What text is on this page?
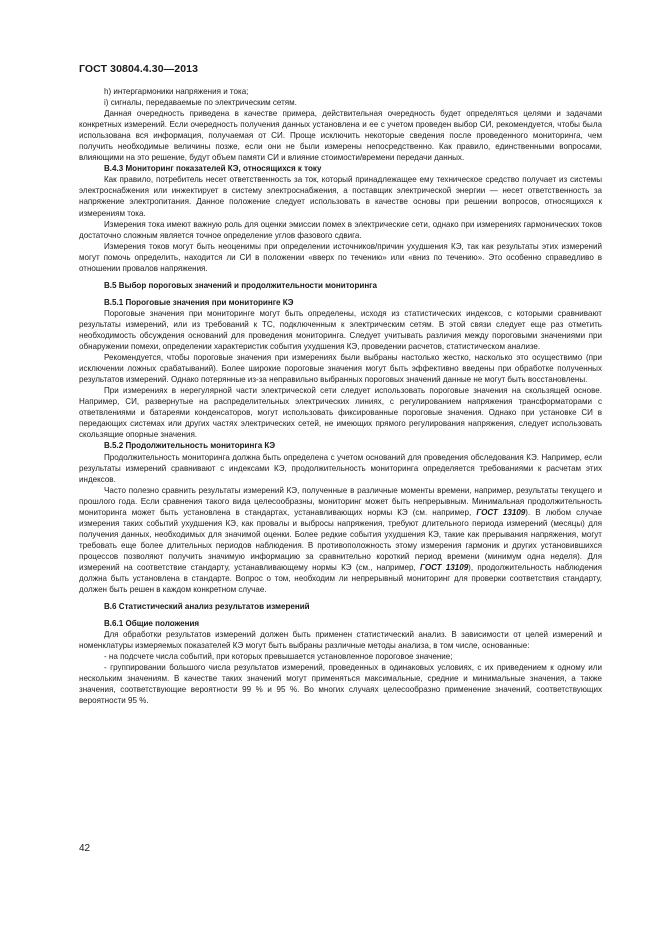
ГОСТ 30804.4.30—2013

h) интергармоники напряжения и тока;

i) сигналы, передаваемые по электрическим сетям.

Данная очередность приведена в качестве примера, действительная очередность будет определяться целями и задачами конкретных измерений. Если очередность получения данных установлена и ее с учетом проведен выбор СИ, рекомендуется, чтобы была использована вся информация, получаемая от СИ. Проще исключить некоторые сведения после проведенного мониторинга, чем получить необходимые величины позже, если они не были измерены непосредственно. Как правило, единственными вопросами, влияющими на это решение, будут объем памяти СИ и влияние стоимости/времени передачи данных.

В.4.3 Мониторинг показателей КЭ, относящихся к току

Как правило, потребитель несет ответственность за ток, который принадлежащее ему техническое средство получает из системы электроснабжения или инжектирует в систему электроснабжения, а поставщик электрической энергии — несет ответственность за напряжение электропитания. Данное положение следует использовать в качестве основы при решении вопросов, относящихся к измерениям тока.

Измерения тока имеют важную роль для оценки эмиссии помех в электрические сети, однако при измерениях гармонических токов достаточно сложным является точное определение углов фазового сдвига.

Измерения токов могут быть неоценимы при определении источников/причин ухудшения КЭ, так как результаты этих измерений могут помочь определить, находится ли СИ в положении «вверх по течению» или «вниз по течению». Это особенно справедливо в отношении провалов напряжения.

В.5 Выбор пороговых значений и продолжительности мониторинга

В.5.1 Пороговые значения при мониторинге КЭ

Пороговые значения при мониторинге могут быть определены, исходя из статистических индексов, с которыми сравнивают результаты измерений, или из требований к ТС, подключенным к электрическим сетям. В этой связи следует еще раз отметить необходимость обсуждения оснований для проведения мониторинга. Следует учитывать различия между пороговыми значениями при обнаружении помехи, определении характеристик события ухудшения КЭ, проведении расчетов, статистическом анализе.

Рекомендуется, чтобы пороговые значения при измерениях были выбраны настолько жестко, насколько это осуществимо (при исключении ложных срабатываний). Более широкие пороговые значения могут быть эффективно введены при обработке полученных результатов измерений. Однако потерянные из-за неправильно выбранных пороговых значений данные не могут быть восстановлены.

При измерениях в нерегулярной части электрической сети следует использовать пороговые значения на скользящей основе. Например, СИ, развернутые на распределительных электрических линиях, с регулированием напряжения трансформаторами с ответвлениями и батареями конденсаторов, могут использовать фиксированные пороговые значения. Однако при установке СИ в передающих системах или других частях электрических сетей, не имеющих прямого регулирования напряжения, следует использовать скользящие опорные значения.

В.5.2 Продолжительность мониторинга КЭ

Продолжительность мониторинга должна быть определена с учетом оснований для проведения обследования КЭ. Например, если результаты измерений сравнивают с индексами КЭ, продолжительность мониторинга определяется требованиями к расчетам этих индексов.

Часто полезно сравнить результаты измерений КЭ, полученные в различные моменты времени, например, результаты текущего и прошлого года. Если сравнения такого вида целесообразны, мониторинг может быть непрерывным. Минимальная продолжительность мониторинга может быть установлена в стандартах, устанавливающих нормы КЭ (см. например, ГОСТ 13109). В любом случае измерения таких событий ухудшения КЭ, как провалы и выбросы напряжения, требуют длительного периода измерений (месяцы) для получения данных, необходимых для значимой оценки. Более редкие события ухудшения КЭ, такие как прерывания напряжения, могут требовать еще более длительных периодов наблюдения. В противоположность этому измерения гармоник и других установившихся процессов позволяют получить значимую информацию за сравнительно короткий период времени (минимум одна неделя). Для измерений на соответствие стандарту, устанавливающему нормы КЭ (см., например, ГОСТ 13109), продолжительность наблюдения должна быть установлена в стандарте. Вопрос о том, необходим ли непрерывный мониторинг для проверки соответствия стандарту, должен быть решен в каждом конкретном случае.

В.6 Статистический анализ результатов измерений

В.6.1 Общие положения

Для обработки результатов измерений должен быть применен статистический анализ. В зависимости от целей измерений и номенклатуры измеряемых показателей КЭ могут быть выбраны различные методы анализа, в том числе, основанные:

- на подсчете числа событий, при которых превышается установленное пороговое значение;

- группировании большого числа результатов измерений, проведенных в одинаковых условиях, с их приведением к одному или нескольким значениям. В качестве таких значений могут применяться максимальные, средние и минимальные значения, а также значения, соответствующие вероятности 99 % и 95 %. Во многих случаях целесообразно применение значений, соответствующих вероятности 95 %.

42
